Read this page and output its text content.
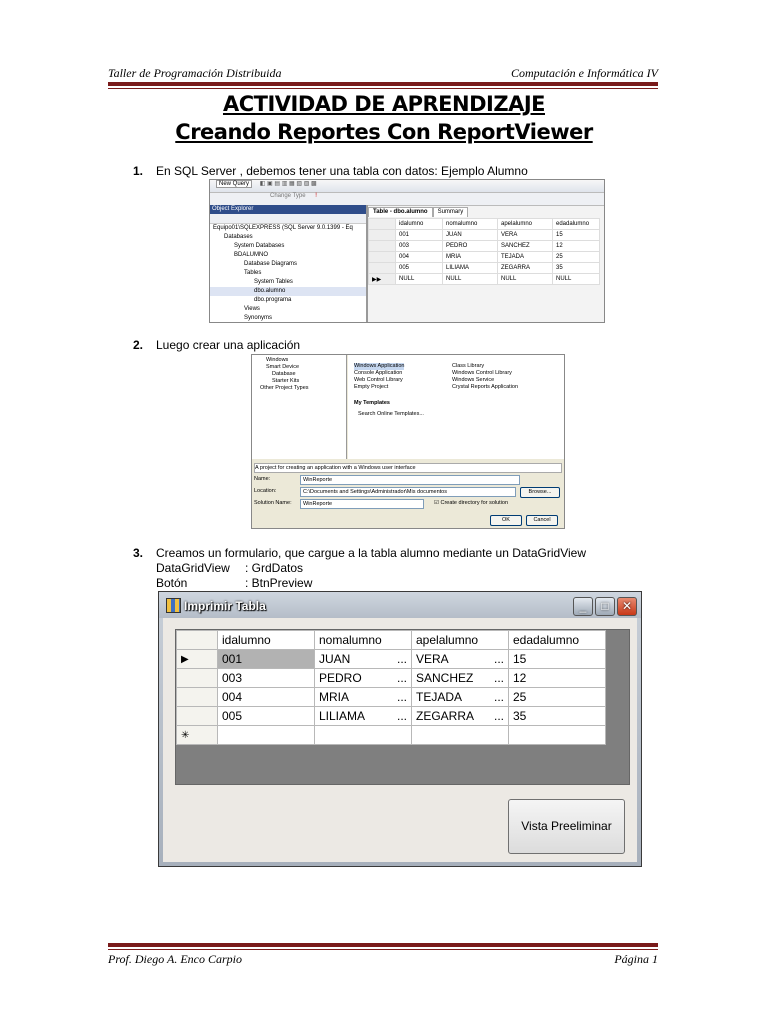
Taller de Programación Distribuida	Computación e Informática IV
ACTIVIDAD DE APRENDIZAJE
Creando Reportes Con ReportViewer
1. En SQL Server , debemos tener una tabla con datos: Ejemplo Alumno
New Query ◧ ▣ ▤ ▥ ▦ ▧ ▨ ▩
Change Type !
Object Explorer
Equipo01\SQLEXPRESS (SQL Server 9.0.1399 - Eq
Databases
System Databases
BDALUMNO
Database Diagrams
Tables
System Tables
dbo.alumno
dbo.programa
Views
Synonyms
Table - dbo.alumno Summary
	idalumno	nomalumno	apelalumno	edadalumno
	001	JUAN	VERA	15
	003	PEDRO	SANCHEZ	12
	004	MRIA	TEJADA	25
	005	LILIAMA	ZEGARRA	35
▶▶	NULL	NULL	NULL	NULL
2. Luego crear una aplicación
Windows
Smart Device
Database
Starter Kits
Other Project Types
Windows Application
Console Application
Web Control Library
Empty Project
Class Library
Windows Control Library
Windows Service
Crystal Reports Application
My Templates
Search Online Templates...
A project for creating an application with a Windows user interface
Name:	WinReporte
Location:	C:\Documents and Settings\Administrador\Mis documentos	Browse...
Solution Name:	WinReporte	☑ Create directory for solution
OK	Cancel
3. Creamos un formulario, que cargue a la tabla alumno mediante un DataGridView
DataGridView : GrdDatos
Botón	: BtnPreview
Imprimir Tabla	_	□	✕

idalumno	nomalumno	apelalumno	edadalumno

▶	001	JUAN ...	VERA ...	15

003	PEDRO ...	SANCHEZ ...	12

004	MRIA ...	TEJADA ...	25

005	LILIAMA ...	ZEGARRA ...	35

✳	

Vista Preeliminar
Prof. Diego A. Enco Carpio	Página 1
